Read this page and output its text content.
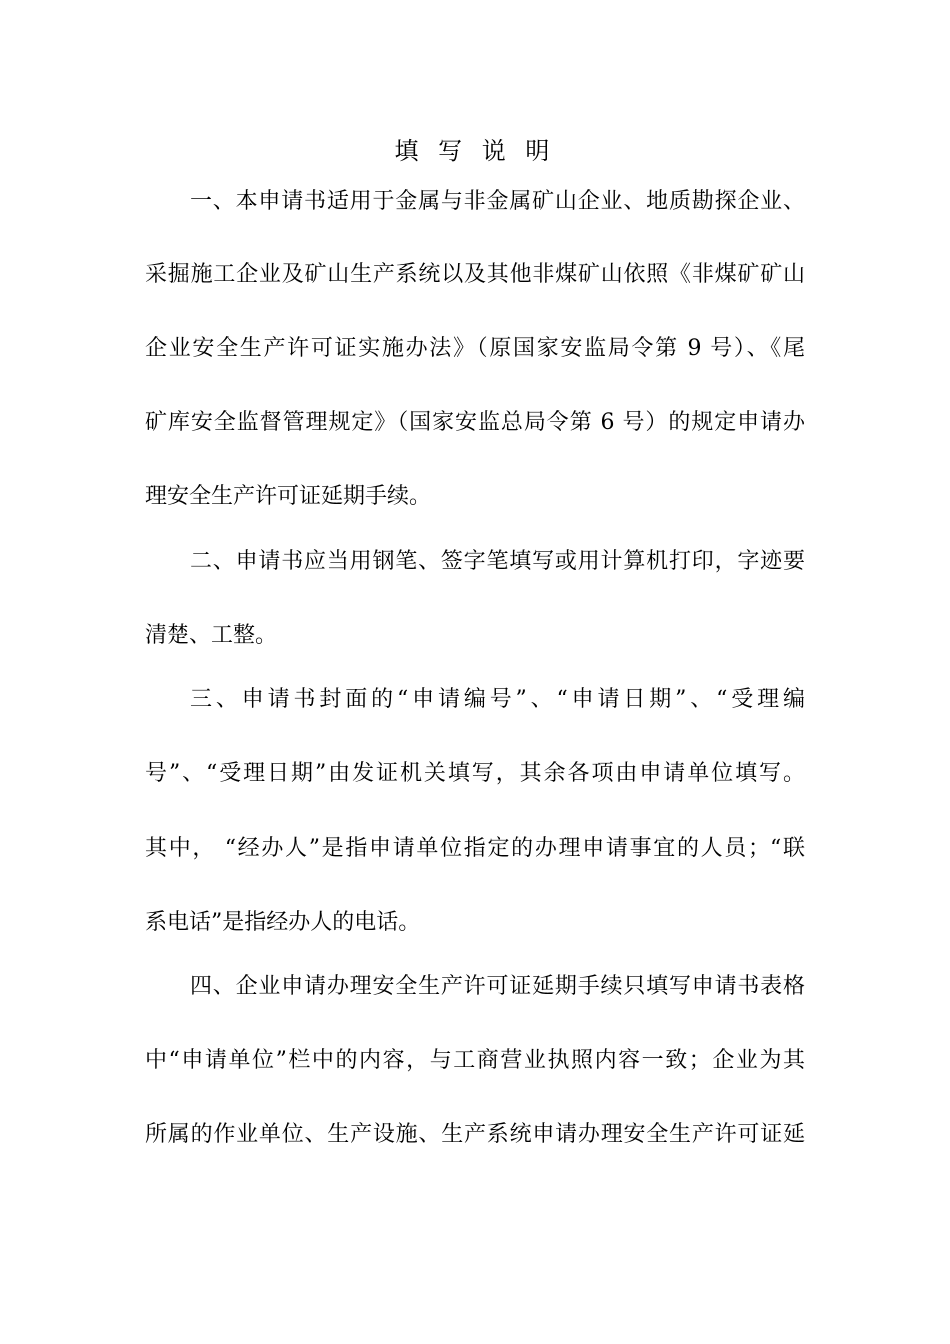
填 写 说 明
一、本申请书适用于金属与非金属矿山企业、地质勘探企业、
采掘施工企业及矿山生产系统以及其他非煤矿山依照《非煤矿矿山
企业安全生产许可证实施办法》（原国家安监局令第 9 号）、《尾
矿库安全监督管理规定》（国家安监总局令第 6 号）的规定申请办
理安全生产许可证延期手续。
二、申请书应当用钢笔、签字笔填写或用计算机打印，字迹要
清楚、工整。
三、申请书封面的“申请编号”、“申请日期”、“受理编
号”、“受理日期”由发证机关填写，其余各项由申请单位填写。
其中， “经办人”是指申请单位指定的办理申请事宜的人员；“联
系电话”是指经办人的电话。
四、企业申请办理安全生产许可证延期手续只填写申请书表格
中“申请单位”栏中的内容，与工商营业执照内容一致；企业为其
所属的作业单位、生产设施、生产系统申请办理安全生产许可证延
